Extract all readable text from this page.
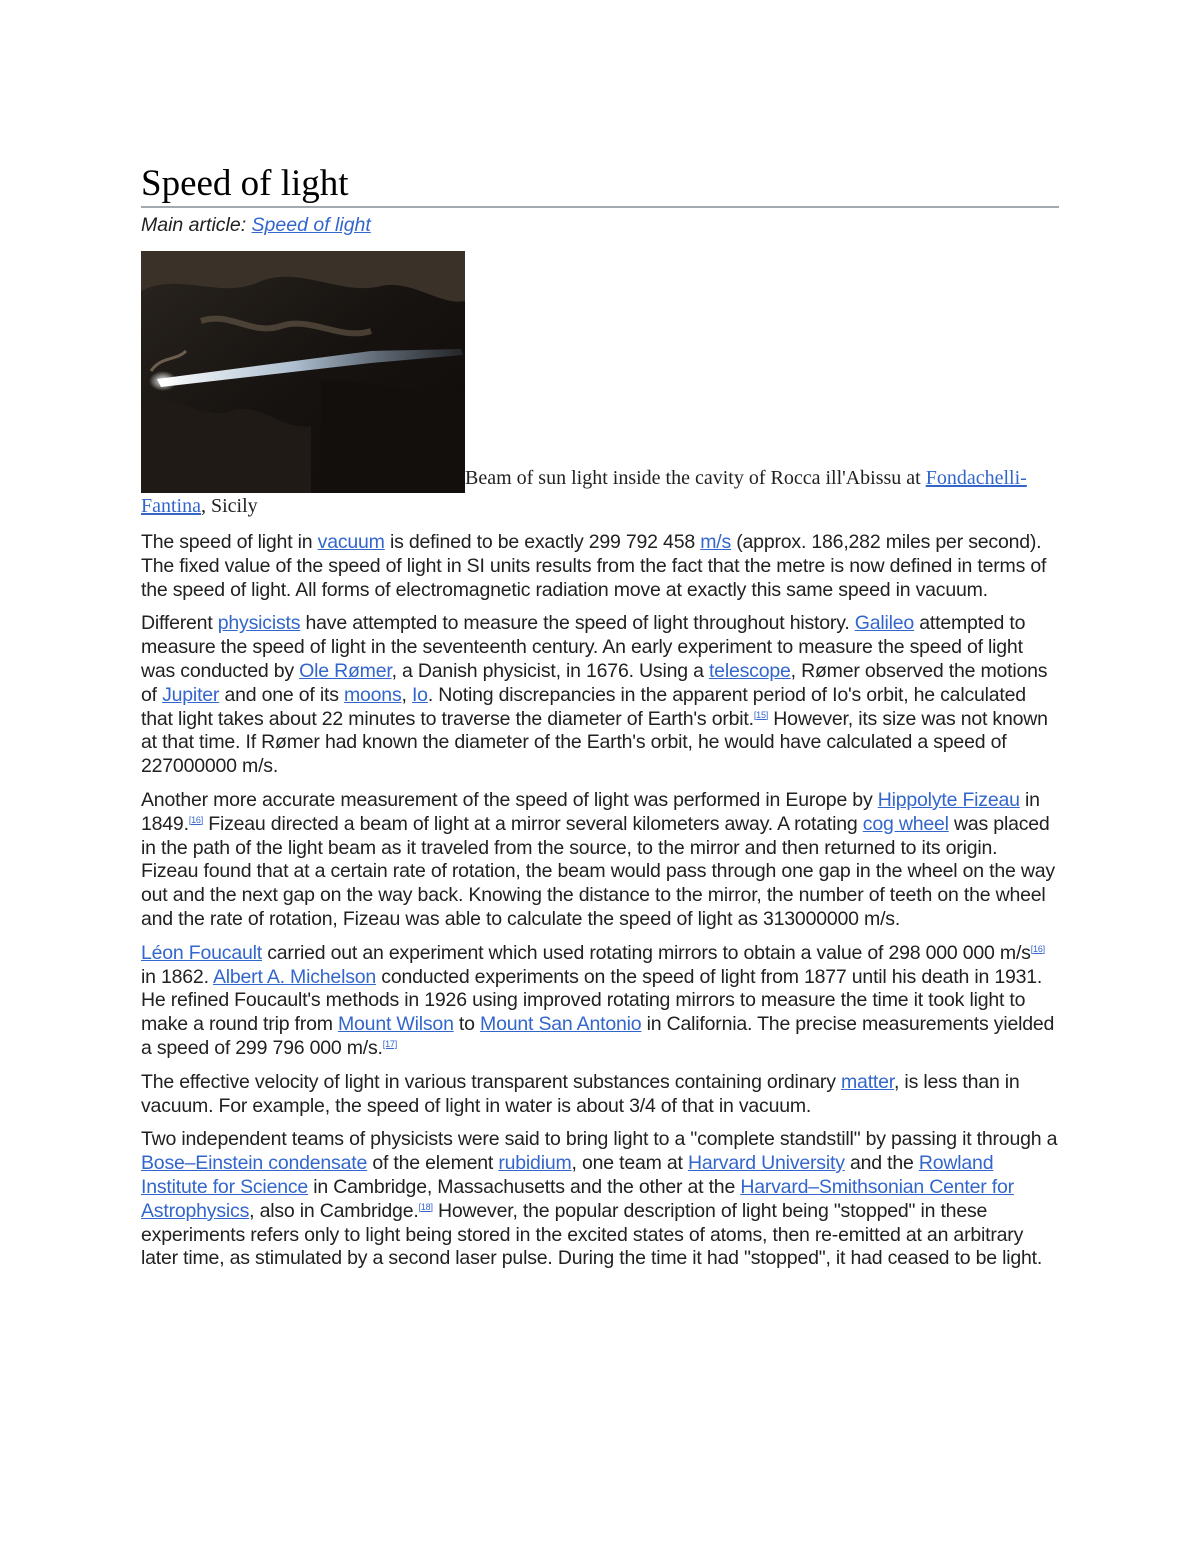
Speed of light
Main article: Speed of light
Beam of sun light inside the cavity of Rocca ill'Abissu at Fondachelli-Fantina, Sicily

The speed of light in vacuum is defined to be exactly 299 792 458 m/s (approx. 186,282 miles per second). The fixed value of the speed of light in SI units results from the fact that the metre is now defined in terms of the speed of light. All forms of electromagnetic radiation move at exactly this same speed in vacuum.

Different physicists have attempted to measure the speed of light throughout history. Galileo attempted to measure the speed of light in the seventeenth century. An early experiment to measure the speed of light was conducted by Ole Rømer, a Danish physicist, in 1676. Using a telescope, Rømer observed the motions of Jupiter and one of its moons, Io. Noting discrepancies in the apparent period of Io's orbit, he calculated that light takes about 22 minutes to traverse the diameter of Earth's orbit.[15] However, its size was not known at that time. If Rømer had known the diameter of the Earth's orbit, he would have calculated a speed of 227000000 m/s.

Another more accurate measurement of the speed of light was performed in Europe by Hippolyte Fizeau in 1849.[16] Fizeau directed a beam of light at a mirror several kilometers away. A rotating cog wheel was placed in the path of the light beam as it traveled from the source, to the mirror and then returned to its origin. Fizeau found that at a certain rate of rotation, the beam would pass through one gap in the wheel on the way out and the next gap on the way back. Knowing the distance to the mirror, the number of teeth on the wheel and the rate of rotation, Fizeau was able to calculate the speed of light as 313000000 m/s.

Léon Foucault carried out an experiment which used rotating mirrors to obtain a value of 298 000 000 m/s[16] in 1862. Albert A. Michelson conducted experiments on the speed of light from 1877 until his death in 1931. He refined Foucault's methods in 1926 using improved rotating mirrors to measure the time it took light to make a round trip from Mount Wilson to Mount San Antonio in California. The precise measurements yielded a speed of 299 796 000 m/s.[17]

The effective velocity of light in various transparent substances containing ordinary matter, is less than in vacuum. For example, the speed of light in water is about 3/4 of that in vacuum.

Two independent teams of physicists were said to bring light to a "complete standstill" by passing it through a Bose–Einstein condensate of the element rubidium, one team at Harvard University and the Rowland Institute for Science in Cambridge, Massachusetts and the other at the Harvard–Smithsonian Center for Astrophysics, also in Cambridge.[18] However, the popular description of light being "stopped" in these experiments refers only to light being stored in the excited states of atoms, then re-emitted at an arbitrary later time, as stimulated by a second laser pulse. During the time it had "stopped", it had ceased to be light.
